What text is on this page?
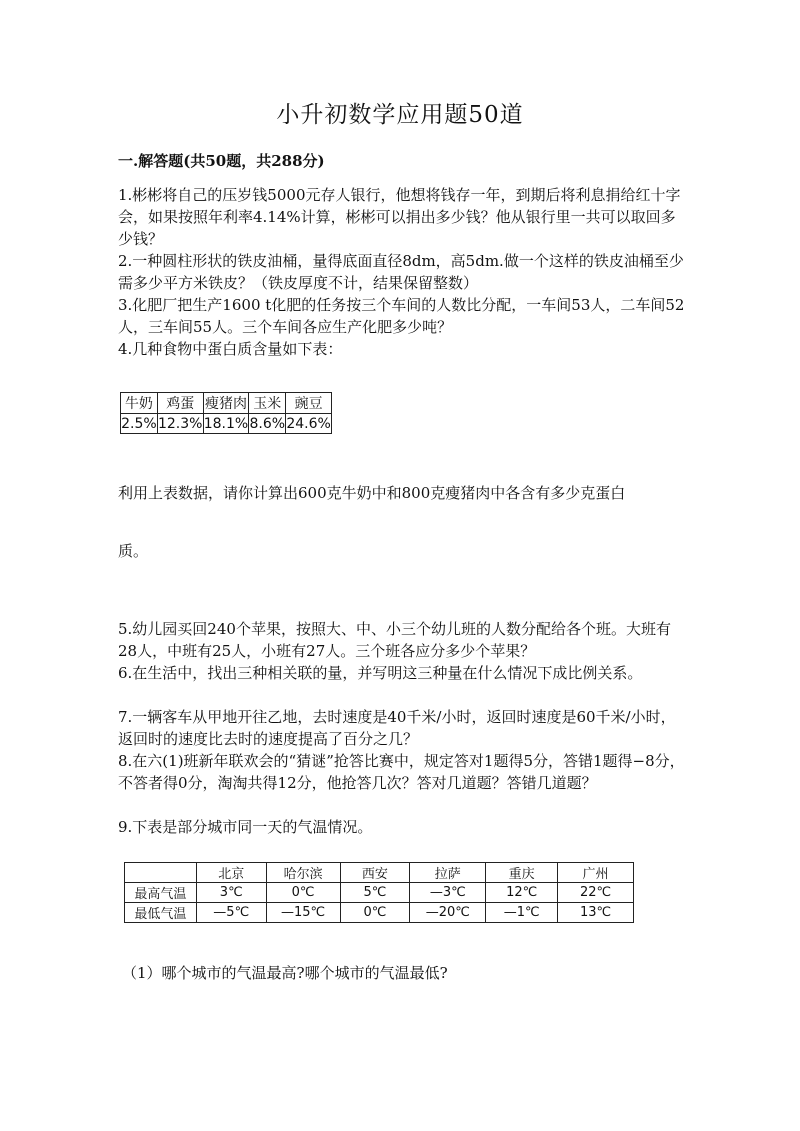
小升初数学应用题50道
一.解答题(共50题，共288分)
1.彬彬将自己的压岁钱5000元存人银行，他想将钱存一年，到期后将利息捐给红十字会，如果按照年利率4.14%计算，彬彬可以捐出多少钱？他从银行里一共可以取回多少钱？
2.一种圆柱形状的铁皮油桶，量得底面直径8dm，高5dm.做一个这样的铁皮油桶至少需多少平方米铁皮？（铁皮厚度不计，结果保留整数）
3.化肥厂把生产1600 t化肥的任务按三个车间的人数比分配，一车间53人，二车间52人，三车间55人。三个车间各应生产化肥多少吨？
4.几种食物中蛋白质含量如下表：
牛奶	鸡蛋	瘦猪肉	玉米	豌豆
2.5%	12.3%	18.1%	8.6%	24.6%
利用上表数据，请你计算出600克牛奶中和800克瘦猪肉中各含有多少克蛋白
质。
5.幼儿园买回240个苹果，按照大、中、小三个幼儿班的人数分配给各个班。大班有28人，中班有25人，小班有27人。三个班各应分多少个苹果？
6.在生活中，找出三种相关联的量，并写明这三种量在什么情况下成比例关系。
7.一辆客车从甲地开往乙地，去时速度是40千米/小时，返回时速度是60千米/小时，返回时的速度比去时的速度提高了百分之几？
8.在六(1)班新年联欢会的“猜谜”抢答比赛中，规定答对1题得5分，答错1题得−8分，不答者得0分，淘淘共得12分，他抢答几次？答对几道题？答错几道题？
9.下表是部分城市同一天的气温情况。
	北京	哈尔滨	西安	拉萨	重庆	广州
最高气温	3℃	0℃	5℃	—3℃	12℃	22℃
最低气温	—5℃	—15℃	0℃	—20℃	—1℃	13℃
（1）哪个城市的气温最高?哪个城市的气温最低?
